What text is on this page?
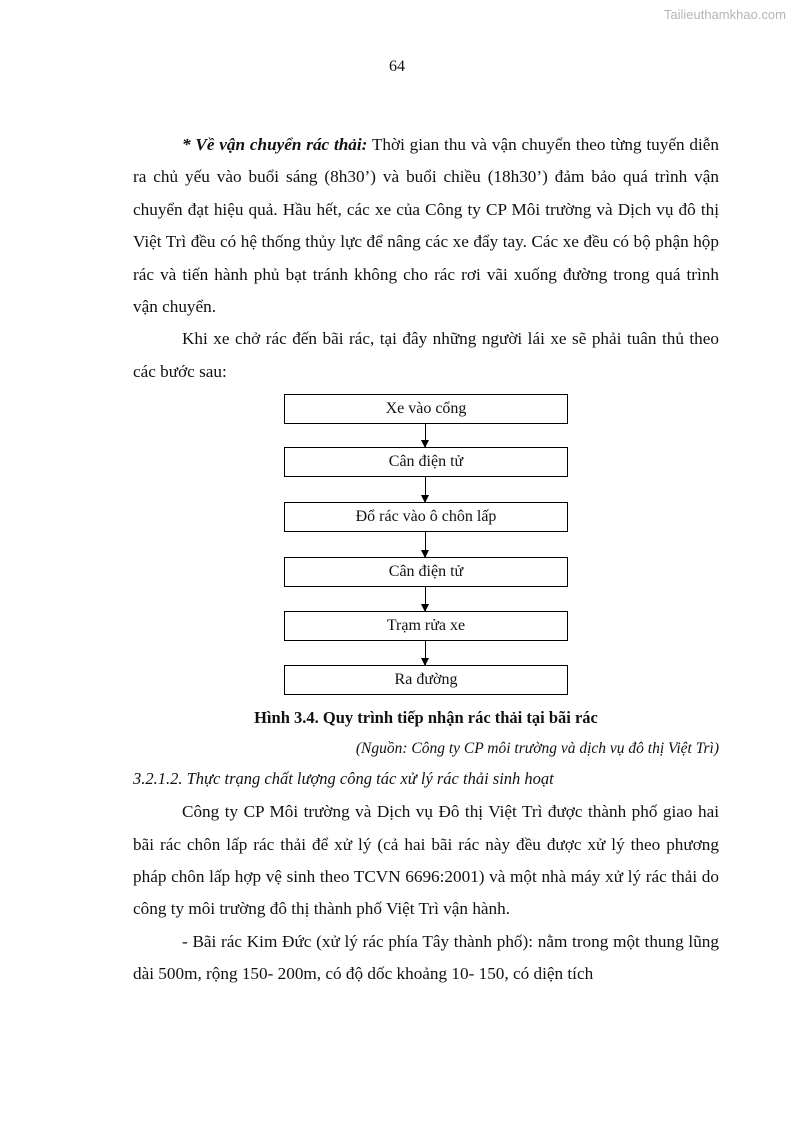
Tailieuthamkhao.com
64

* Về vận chuyển rác thải: Thời gian thu và vận chuyển theo từng tuyến diễn ra chủ yếu vào buổi sáng (8h30’) và buổi chiều (18h30’) đảm bảo quá trình vận chuyển đạt hiệu quả. Hầu hết, các xe của Công ty CP Môi trường và Dịch vụ đô thị Việt Trì đều có hệ thống thủy lực để nâng các xe đẩy tay. Các xe đều có bộ phận hộp rác và tiến hành phủ bạt tránh không cho rác rơi vãi xuống đường trong quá trình vận chuyển.

Khi xe chở rác đến bãi rác, tại đây những người lái xe sẽ phải tuân thủ theo các bước sau:

Xe vào cổng
Cân điện tử
Đổ rác vào ô chôn lấp
Cân điện tử
Trạm rửa xe
Ra đường
Hình 3.4. Quy trình tiếp nhận rác thải tại bãi rác
(Nguồn: Công ty CP môi trường và dịch vụ đô thị Việt Trì)
3.2.1.2. Thực trạng chất lượng công tác xử lý rác thải sinh hoạt

Công ty CP Môi trường và Dịch vụ Đô thị Việt Trì được thành phố giao hai bãi rác chôn lấp rác thải để xử lý (cả hai bãi rác này đều được xử lý theo phương pháp chôn lấp hợp vệ sinh theo TCVN 6696:2001) và một nhà máy xử lý rác thải do công ty môi trường đô thị thành phố Việt Trì vận hành.

- Bãi rác Kim Đức (xử lý rác phía Tây thành phố): nằm trong một thung lũng dài 500m, rộng 150- 200m, có độ dốc khoảng 10- 150, có diện tích
